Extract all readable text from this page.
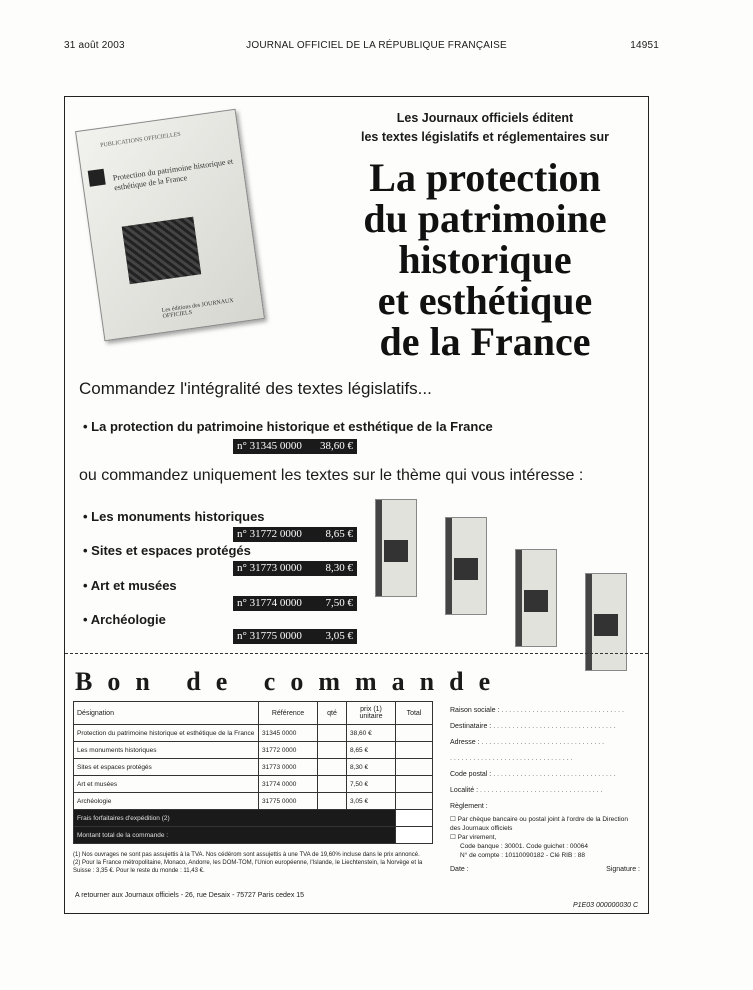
31 août 2003	JOURNAL OFFICIEL DE LA RÉPUBLIQUE FRANÇAISE	14951
PUBLICATIONS OFFICIELLES
Protection du patrimoine historique et esthétique de la France
Les éditions des JOURNAUX OFFICIELS
Les Journaux officiels éditent
les textes législatifs et réglementaires sur
La protection
du patrimoine
historique
et esthétique
de la France
Commandez l'intégralité des textes législatifs...
• La protection du patrimoine historique et esthétique de la France
n° 31345 0000 38,60 €
ou commandez uniquement les textes sur le thème qui vous intéresse :
• Les monuments historiques
n° 31772 0000 8,65 €
• Sites et espaces protégés
n° 31773 0000 8,30 €
• Art et musées
n° 31774 0000 7,50 €
• Archéologie
n° 31775 0000 3,05 €
Bon de commande
Désignation	Référence	qté	prix (1) unitaire	Total
Protection du patrimoine historique et esthétique de la France	31345 0000		38,60 €	
Les monuments historiques	31772 0000		8,65 €	
Sites et espaces protégés	31773 0000		8,30 €	
Art et musées	31774 0000		7,50 €	
Archéologie	31775 0000		3,05 €	
Frais forfaitaires d'expédition (2)				
Montant total de la commande :				
(1) Nos ouvrages ne sont pas assujettis à la TVA. Nos cédérom sont assujettis à une TVA de 19,60% incluse dans le prix annoncé.
(2) Pour la France métropolitaine, Monaco, Andorre, les DOM-TOM, l'Union européenne, l'Islande, le Liechtenstein, la Norvège et la Suisse : 3,35 €. Pour le reste du monde : 11,43 €.
A retourner aux Journaux officiels - 26, rue Desaix - 75727 Paris cedex 15
Raison sociale : . . .
Destinataire : . . .
Adresse : . . .
. . .
Code postal : . . .
Localité : . . .
Règlement :
☐ Par chèque bancaire ou postal joint à l'ordre de la Direction des Journaux officiels
☐ Par virement,
Code banque : 30001. Code guichet : 00064
N° de compte : 10110090182 - Clé RIB : 88
Date :	Signature :
P1E03 000000030 C
